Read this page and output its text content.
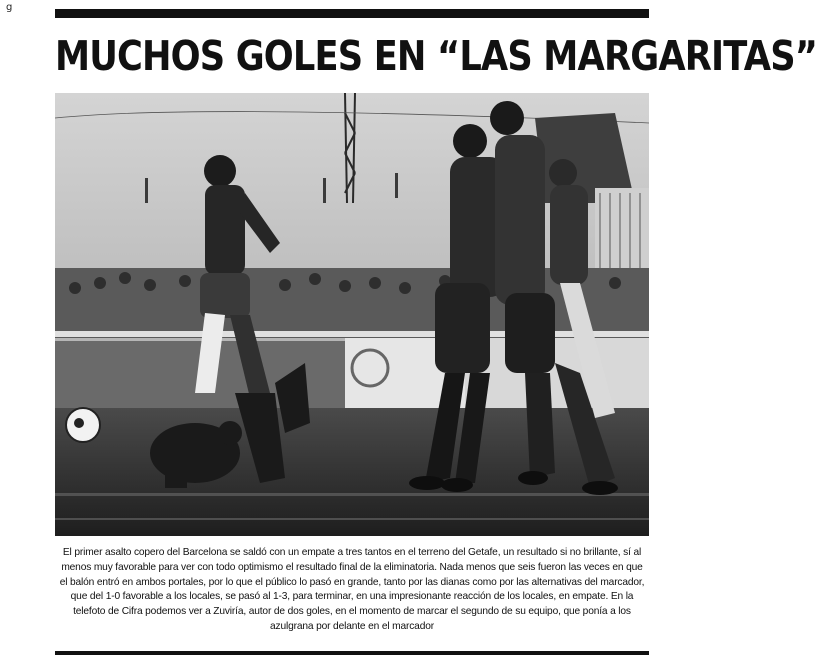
g
MUCHOS GOLES EN “LAS MARGARITAS”

El primer asalto copero del Barcelona se saldó con un empate a tres tantos en el terreno del Getafe, un resultado si no brillante, sí al menos muy favorable para ver con todo optimismo el resultado final de la eliminatoria. Nada menos que seis fueron las veces en que el balón entró en ambos portales, por lo que el público lo pasó en grande, tanto por las dianas como por las alternativas del marcador, que del 1-0 favorable a los locales, se pasó al 1-3, para terminar, en una impresionante reacción de los locales, en empate. En la telefoto de Cifra podemos ver a Zuviría, autor de dos goles, en el momento de marcar el segundo de su equipo, que ponía a los azulgrana por delante en el marcador
